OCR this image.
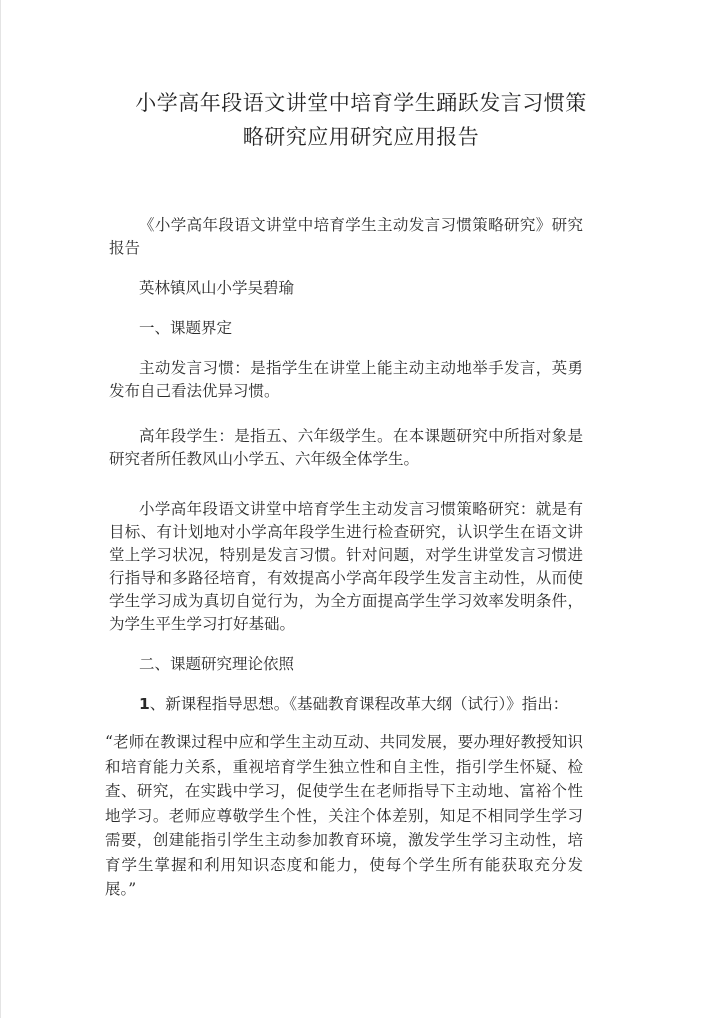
小学高年段语文讲堂中培育学生踊跃发言习惯策
略研究应用研究应用报告

《小学高年段语文讲堂中培育学生主动发言习惯策略研究》研究报告

英林镇风山小学吴碧瑜

一、课题界定

主动发言习惯：是指学生在讲堂上能主动主动地举手发言，英勇发布自己看法优异习惯。

高年段学生：是指五、六年级学生。在本课题研究中所指对象是研究者所任教风山小学五、六年级全体学生。

小学高年段语文讲堂中培育学生主动发言习惯策略研究：就是有目标、有计划地对小学高年段学生进行检查研究，认识学生在语文讲堂上学习状况，特别是发言习惯。针对问题，对学生讲堂发言习惯进行指导和多路径培育，有效提高小学高年段学生发言主动性，从而使学生学习成为真切自觉行为，为全方面提高学生学习效率发明条件，为学生平生学习打好基础。

二、课题研究理论依照

1、新课程指导思想。《基础教育课程改革大纲（试行）》指出：

“老师在教课过程中应和学生主动互动、共同发展，要办理好教授知识和培育能力关系，重视培育学生独立性和自主性，指引学生怀疑、检查、研究，在实践中学习，促使学生在老师指导下主动地、富裕个性地学习。老师应尊敬学生个性，关注个体差别，知足不相同学生学习需要，创建能指引学生主动参加教育环境，激发学生学习主动性，培育学生掌握和利用知识态度和能力，使每个学生所有能获取充分发展。”
